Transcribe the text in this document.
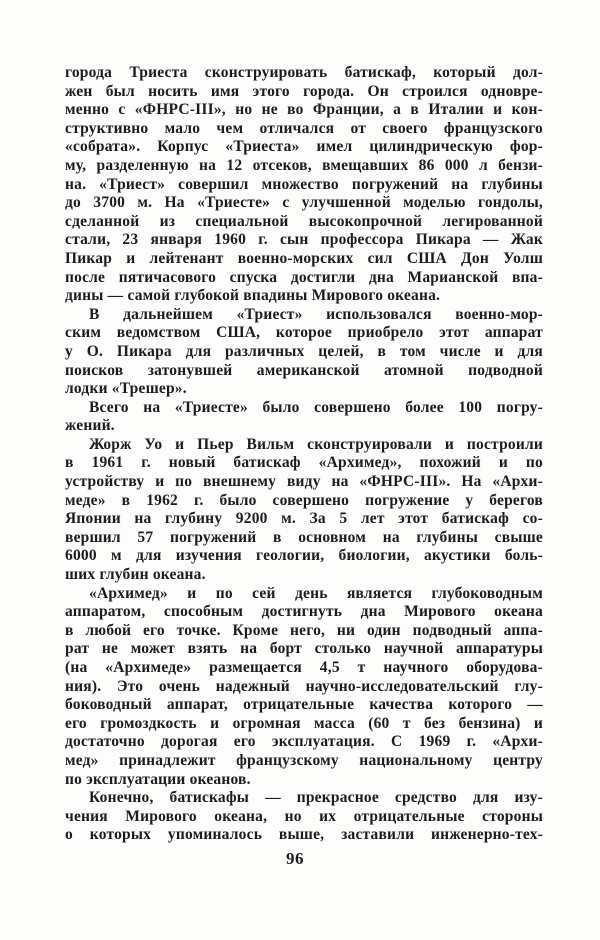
города Триеста сконструировать батискаф, который дол-
жен был носить имя этого города. Он строился одновре-
менно с «ФНРС-III», но не во Франции, а в Италии и кон-
структивно мало чем отличался от своего французского
«собрата». Корпус «Триеста» имел цилиндрическую фор-
му, разделенную на 12 отсеков, вмещавших 86 000 л бензи-
на. «Триест» совершил множество погружений на глубины
до 3700 м. На «Триесте» с улучшенной моделью гондолы,
сделанной из специальной высокопрочной легированной
стали, 23 января 1960 г. сын профессора Пикара — Жак
Пикар и лейтенант военно-морских сил США Дон Уолш
после пятичасового спуска достигли дна Марианской впа-
дины — самой глубокой впадины Мирового океана.
В дальнейшем «Триест» использовался военно-мор-
ским ведомством США, которое приобрело этот аппарат
у О. Пикара для различных целей, в том числе и для
поисков затонувшей американской атомной подводной
лодки «Трешер».
Всего на «Триесте» было совершено более 100 погру-
жений.
Жорж Уо и Пьер Вильм сконструировали и построили
в 1961 г. новый батискаф «Архимед», похожий и по
устройству и по внешнему виду на «ФНРС-III». На «Архи-
меде» в 1962 г. было совершено погружение у берегов
Японии на глубину 9200 м. За 5 лет этот батискаф со-
вершил 57 погружений в основном на глубины свыше
6000 м для изучения геологии, биологии, акустики боль-
ших глубин океана.
«Архимед» и по сей день является глубоководным
аппаратом, способным достигнуть дна Мирового океана
в любой его точке. Кроме него, ни один подводный аппа-
рат не может взять на борт столько научной аппаратуры
(на «Архимеде» размещается 4,5 т научного оборудова-
ния). Это очень надежный научно-исследовательский глу-
боководный аппарат, отрицательные качества которого —
его громоздкость и огромная масса (60 т без бензина) и
достаточно дорогая его эксплуатация. С 1969 г. «Архи-
мед» принадлежит французскому национальному центру
по эксплуатации океанов.
Конечно, батискафы — прекрасное средство для изу-
чения Мирового океана, но их отрицательные стороны
о которых упоминалось выше, заставили инженерно-тех-
96
